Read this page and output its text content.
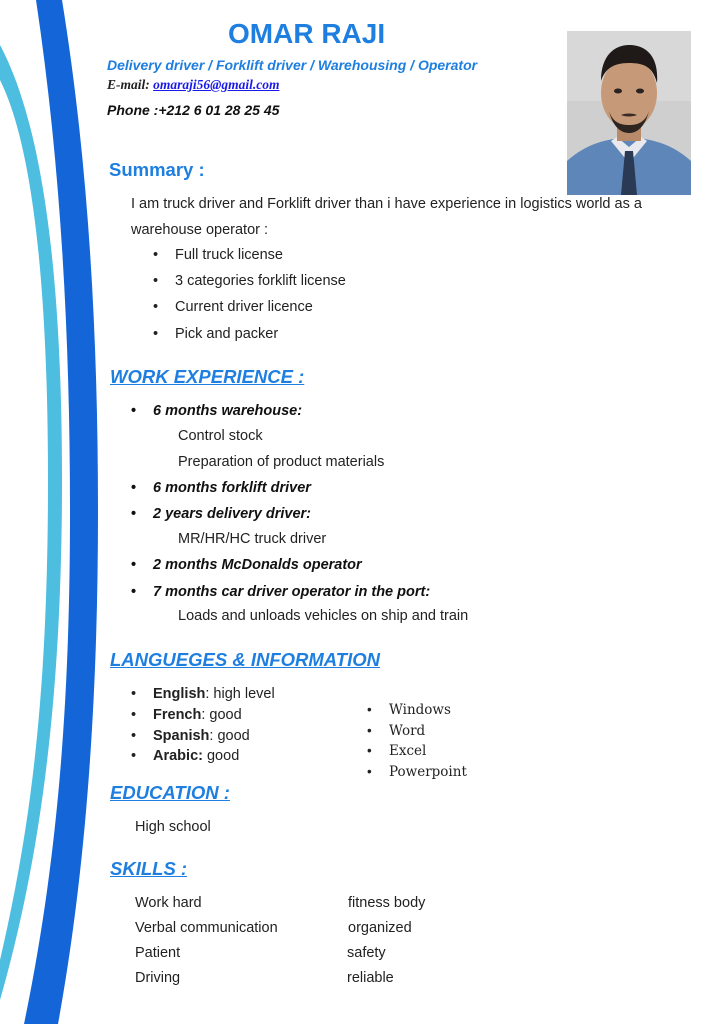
OMAR RAJI
Delivery driver / Forklift driver / Warehousing / Operator
E-mail: omaraji56@gmail.com
Phone :+212 6 01 28 25 45
Summary :
I am truck driver and Forklift driver than i have experience in logistics world as a
warehouse operator :
• Full truck license
• 3 categories forklift license
• Current driver licence
• Pick and packer
WORK EXPERIENCE :
• 6 months warehouse:
Control stock
Preparation of product materials
• 6 months forklift driver
• 2 years delivery driver:
MR/HR/HC truck driver
• 2 months McDonalds operator
• 7 months car driver operator in the port:
Loads and unloads vehicles on ship and train
LANGUEGES & INFORMATION
• English: high level
• French: good
• Spanish: good
• Arabic: good
• Windows
• Word
• Excel
• Powerpoint
EDUCATION :
High school
SKILLS :
Work hard
Verbal communication
Patient
Driving
fitness body
organized
safety
reliable
